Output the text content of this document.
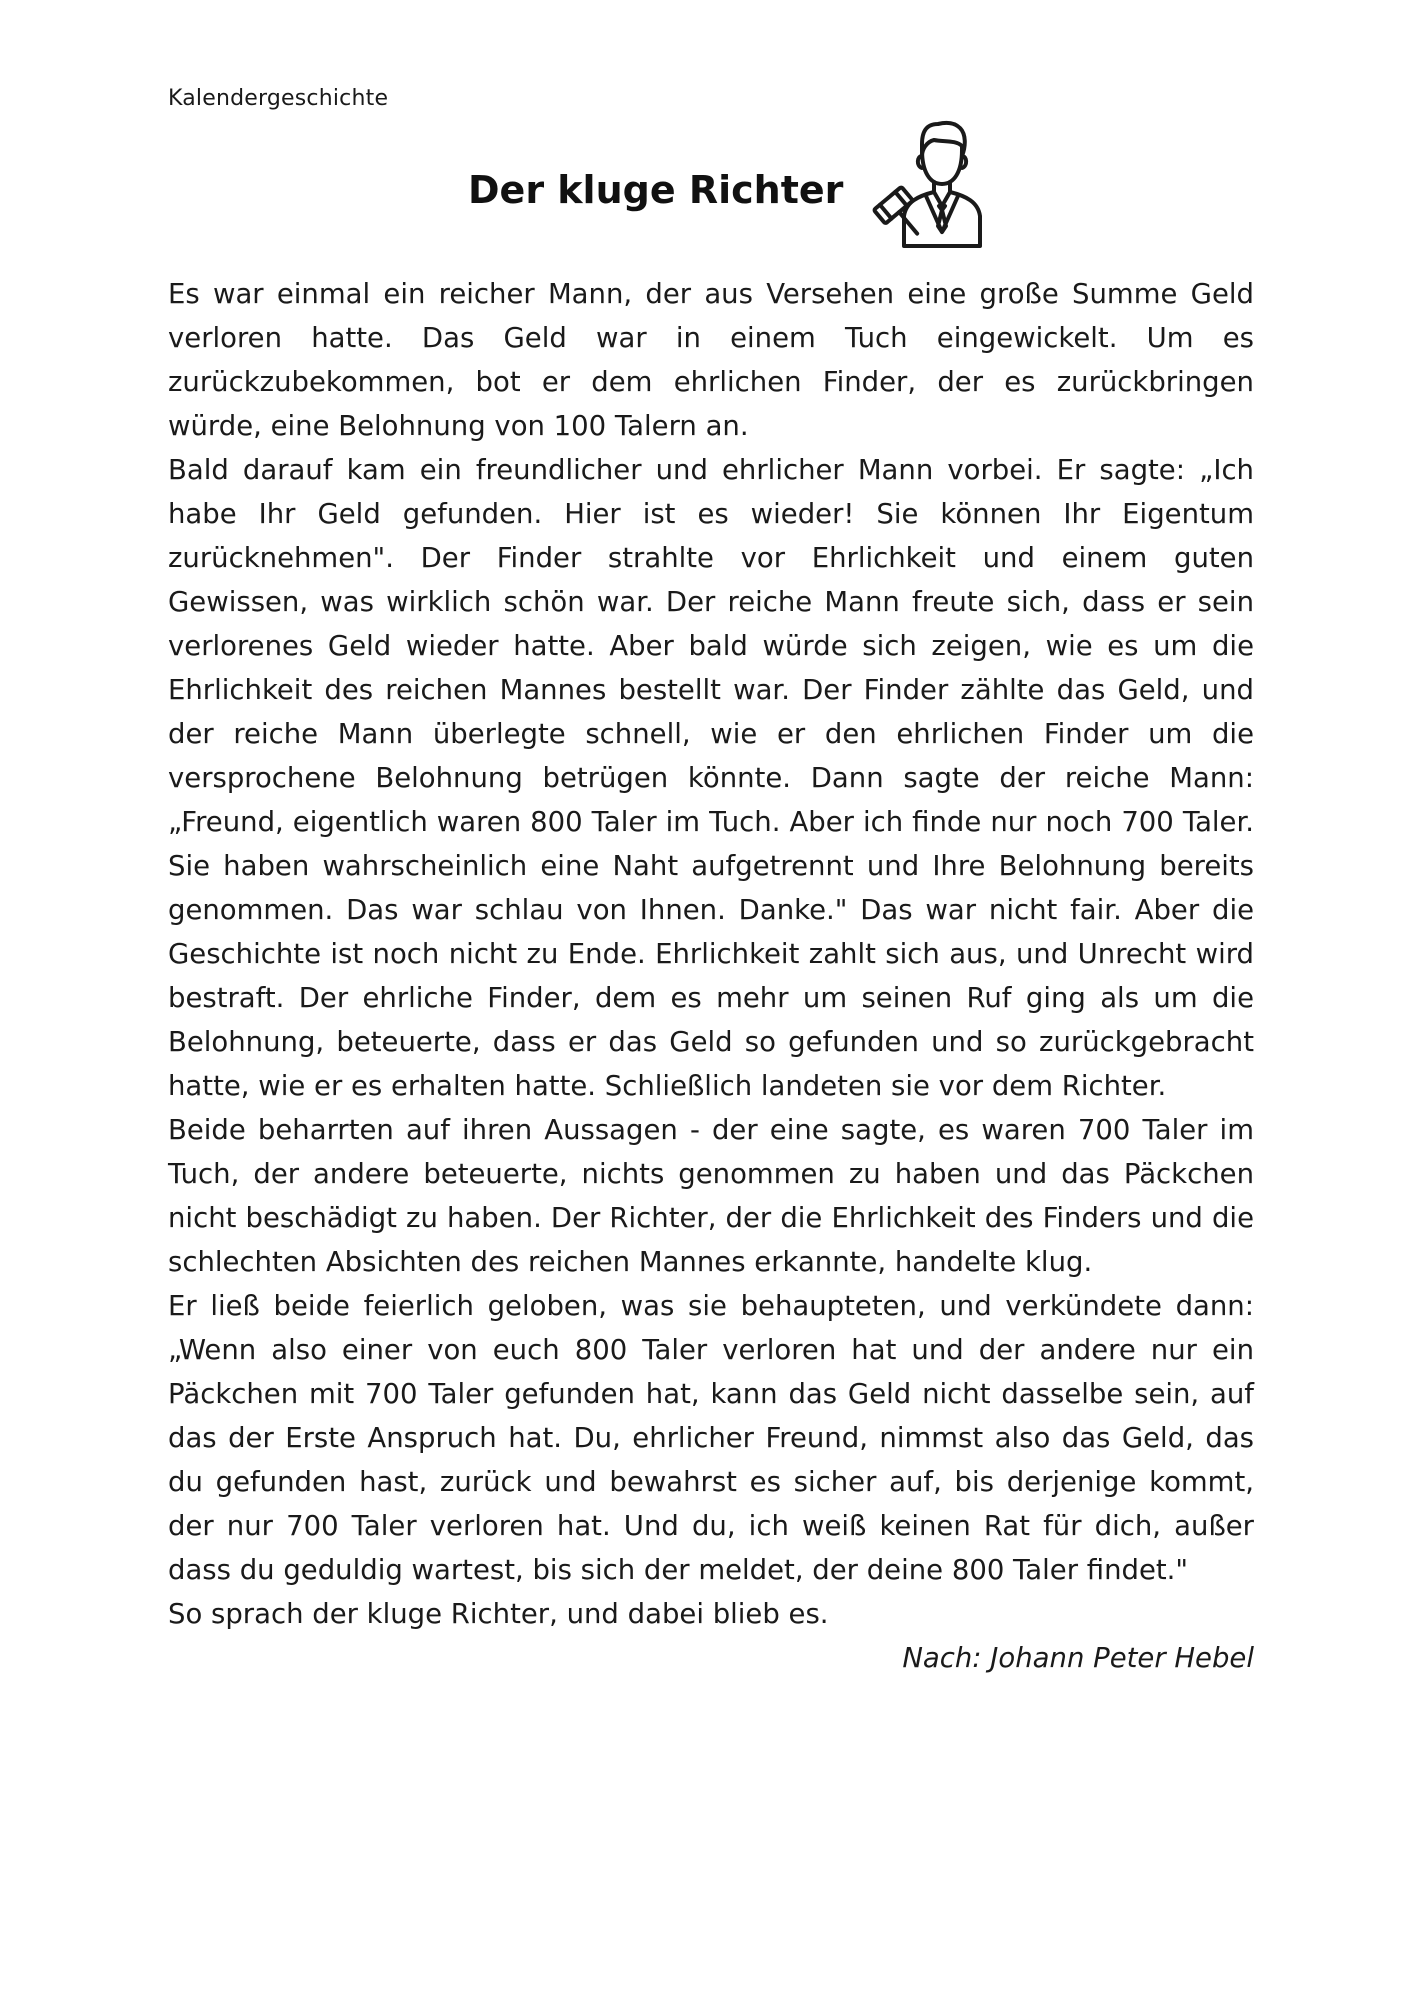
Kalendergeschichte
Der kluge Richter

Es war einmal ein reicher Mann, der aus Versehen eine große Summe Geld verloren hatte. Das Geld war in einem Tuch eingewickelt. Um es zurückzubekommen, bot er dem ehrlichen Finder, der es zurückbringen würde, eine Belohnung von 100 Talern an.

Bald darauf kam ein freundlicher und ehrlicher Mann vorbei. Er sagte: „Ich habe Ihr Geld gefunden. Hier ist es wieder! Sie können Ihr Eigentum zurücknehmen". Der Finder strahlte vor Ehrlichkeit und einem guten Gewissen, was wirklich schön war. Der reiche Mann freute sich, dass er sein verlorenes Geld wieder hatte. Aber bald würde sich zeigen, wie es um die Ehrlichkeit des reichen Mannes bestellt war. Der Finder zählte das Geld, und der reiche Mann überlegte schnell, wie er den ehrlichen Finder um die versprochene Belohnung betrügen könnte. Dann sagte der reiche Mann: „Freund, eigentlich waren 800 Taler im Tuch. Aber ich finde nur noch 700 Taler. Sie haben wahrscheinlich eine Naht aufgetrennt und Ihre Belohnung bereits genommen. Das war schlau von Ihnen. Danke." Das war nicht fair. Aber die Geschichte ist noch nicht zu Ende. Ehrlichkeit zahlt sich aus, und Unrecht wird bestraft. Der ehrliche Finder, dem es mehr um seinen Ruf ging als um die Belohnung, beteuerte, dass er das Geld so gefunden und so zurückgebracht hatte, wie er es erhalten hatte. Schließlich landeten sie vor dem Richter.

Beide beharrten auf ihren Aussagen - der eine sagte, es waren 700 Taler im Tuch, der andere beteuerte, nichts genommen zu haben und das Päckchen nicht beschädigt zu haben. Der Richter, der die Ehrlichkeit des Finders und die schlechten Absichten des reichen Mannes erkannte, handelte klug.

Er ließ beide feierlich geloben, was sie behaupteten, und verkündete dann: „Wenn also einer von euch 800 Taler verloren hat und der andere nur ein Päckchen mit 700 Taler gefunden hat, kann das Geld nicht dasselbe sein, auf das der Erste Anspruch hat. Du, ehrlicher Freund, nimmst also das Geld, das du gefunden hast, zurück und bewahrst es sicher auf, bis derjenige kommt, der nur 700 Taler verloren hat. Und du, ich weiß keinen Rat für dich, außer dass du geduldig wartest, bis sich der meldet, der deine 800 Taler findet."

So sprach der kluge Richter, und dabei blieb es.

Nach: Johann Peter Hebel
